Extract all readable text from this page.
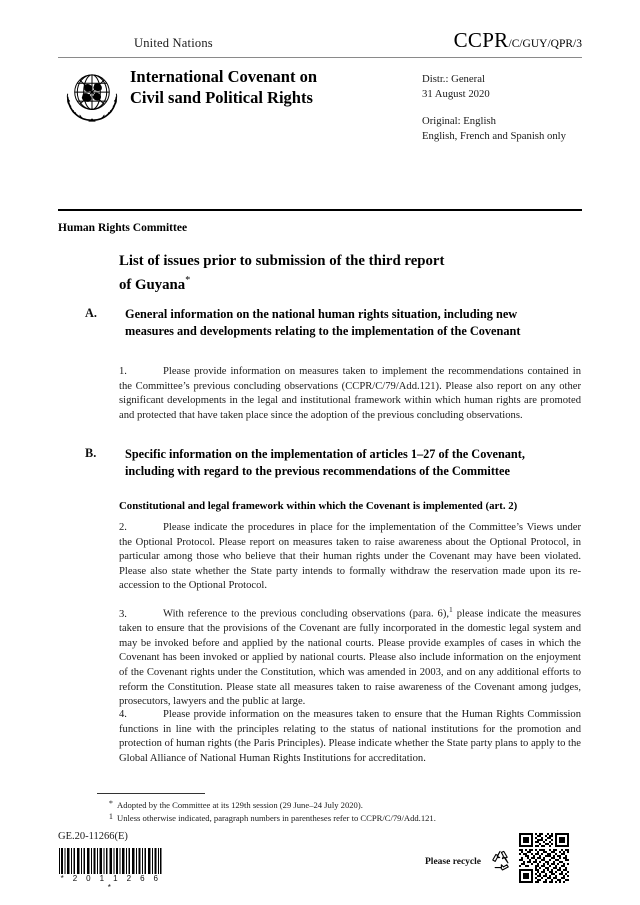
United Nations	CCPR/C/GUY/QPR/3
International Covenant on
Civil sand Political Rights
Distr.: General
31 August 2020
Original: English
English, French and Spanish only
Human Rights Committee
List of issues prior to submission of the third report
of Guyana*
A. General information on the national human rights situation, including new measures and developments relating to the implementation of the Covenant
1.	Please provide information on measures taken to implement the recommendations contained in the Committee’s previous concluding observations (CCPR/C/79/Add.121). Please also report on any other significant developments in the legal and institutional framework within which human rights are promoted and protected that have taken place since the adoption of the previous concluding observations.
B. Specific information on the implementation of articles 1–27 of the Covenant, including with regard to the previous recommendations of the Committee
Constitutional and legal framework within which the Covenant is implemented (art. 2)
2.	Please indicate the procedures in place for the implementation of the Committee’s Views under the Optional Protocol. Please report on measures taken to raise awareness about the Optional Protocol, in particular among those who believe that their human rights under the Covenant may have been violated. Please also state whether the State party intends to formally withdraw the reservation made upon its re-accession to the Optional Protocol.
3.	With reference to the previous concluding observations (para. 6),$^1$ please indicate the measures taken to ensure that the provisions of the Covenant are fully incorporated in the domestic legal system and may be invoked before and applied by the national courts. Please provide examples of cases in which the Covenant has been invoked or applied by national courts. Please also include information on the enjoyment of the Covenant rights under the Constitution, which was amended in 2003, and on any additional efforts to reform the Constitution. Please state all measures taken to raise awareness of the Covenant among judges, prosecutors, lawyers and the public at large.
4.	Please provide information on the measures taken to ensure that the Human Rights Commission functions in line with the principles relating to the status of national institutions for the promotion and protection of human rights (the Paris Principles). Please indicate whether the State party plans to apply to the Global Alliance of National Human Rights Institutions for accreditation.
* Adopted by the Committee at its 129th session (29 June–24 July 2020).
1 Unless otherwise indicated, paragraph numbers in parentheses refer to CCPR/C/79/Add.121.
GE.20-11266(E)
* 2 0 1 1 2 6 6 *
Please recycle
